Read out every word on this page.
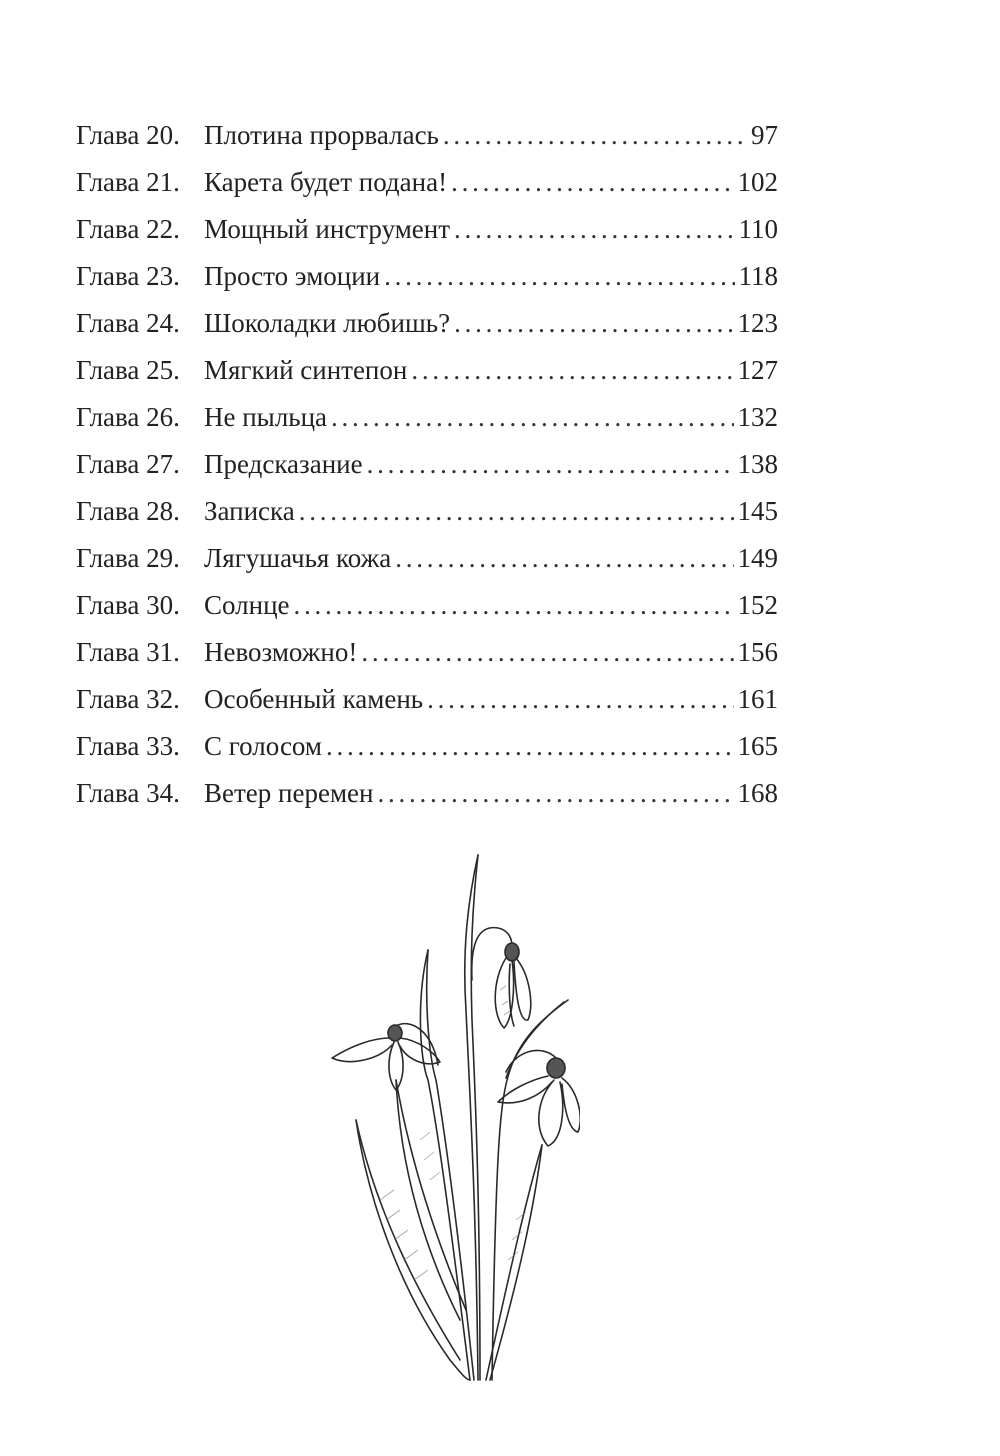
Глава 20. Плотина прорвалась . . .	97
Глава 21. Карета будет подана! . . .	102
Глава 22. Мощный инструмент . . .	110
Глава 23. Просто эмоции . . .	118
Глава 24. Шоколадки любишь? . . .	123
Глава 25. Мягкий синтепон . . .	127
Глава 26. Не пыльца . . .	132
Глава 27. Предсказание . . .	138
Глава 28. Записка . . .	145
Глава 29. Лягушачья кожа . . .	149
Глава 30. Солнце . . .	152
Глава 31. Невозможно! . . .	156
Глава 32. Особенный камень . . .	161
Глава 33. С голосом . . .	165
Глава 34. Ветер перемен . . .	168
